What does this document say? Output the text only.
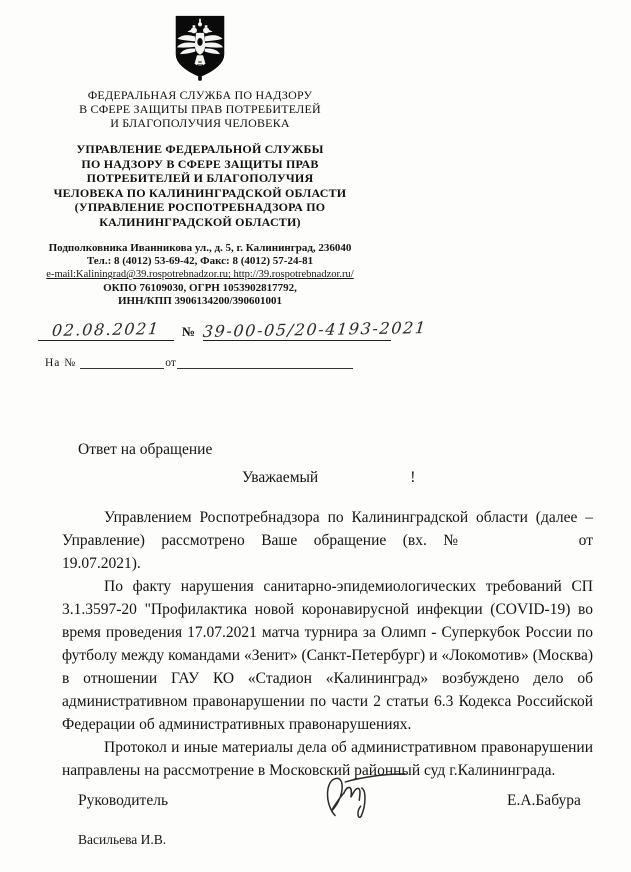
ФЕДЕРАЛЬНАЯ СЛУЖБА ПО НАДЗОРУ
В СФЕРЕ ЗАЩИТЫ ПРАВ ПОТРЕБИТЕЛЕЙ
И БЛАГОПОЛУЧИЯ ЧЕЛОВЕКА
УПРАВЛЕНИЕ ФЕДЕРАЛЬНОЙ СЛУЖБЫ
ПО НАДЗОРУ В СФЕРЕ ЗАЩИТЫ ПРАВ
ПОТРЕБИТЕЛЕЙ И БЛАГОПОЛУЧИЯ
ЧЕЛОВЕКА ПО КАЛИНИНГРАДСКОЙ ОБЛАСТИ
(УПРАВЛЕНИЕ РОСПОТРЕБНАДЗОРА ПО
КАЛИНИНГРАДСКОЙ ОБЛАСТИ)
Подполковника Иванникова ул., д. 5, г. Калининград, 236040
Тел.: 8 (4012) 53-69-42, Факс: 8 (4012) 57-24-81
e-mail:Kaliningrad@39.rospotrebnadzor.ru; http://39.rospotrebnadzor.ru/
ОКПО 76109030, ОГРН 1053902817792,
ИНН/КПП 3906134200/390601001
02.08.2021	№ 39-00-05/20-4193-2021
На №	от
Ответ на обращение
Уважаемый	!

Управлением Роспотребнадзора по Калининградской области (далее – Управление) рассмотрено Ваше обращение (вх. №	от 19.07.2021).

По факту нарушения санитарно-эпидемиологических требований СП 3.1.3597-20 "Профилактика новой коронавирусной инфекции (COVID-19) во время проведения 17.07.2021 матча турнира за Олимп - Суперкубок России по футболу между командами «Зенит» (Санкт-Петербург) и «Локомотив» (Москва) в отношении ГАУ КО «Стадион «Калининград» возбуждено дело об административном правонарушении по части 2 статьи 6.3 Кодекса Российской Федерации об административных правонарушениях.

Протокол и иные материалы дела об административном правонарушении направлены на рассмотрение в Московский районный суд г.Калининграда.

Руководитель	Е.А.Бабура
Васильева И.В.
